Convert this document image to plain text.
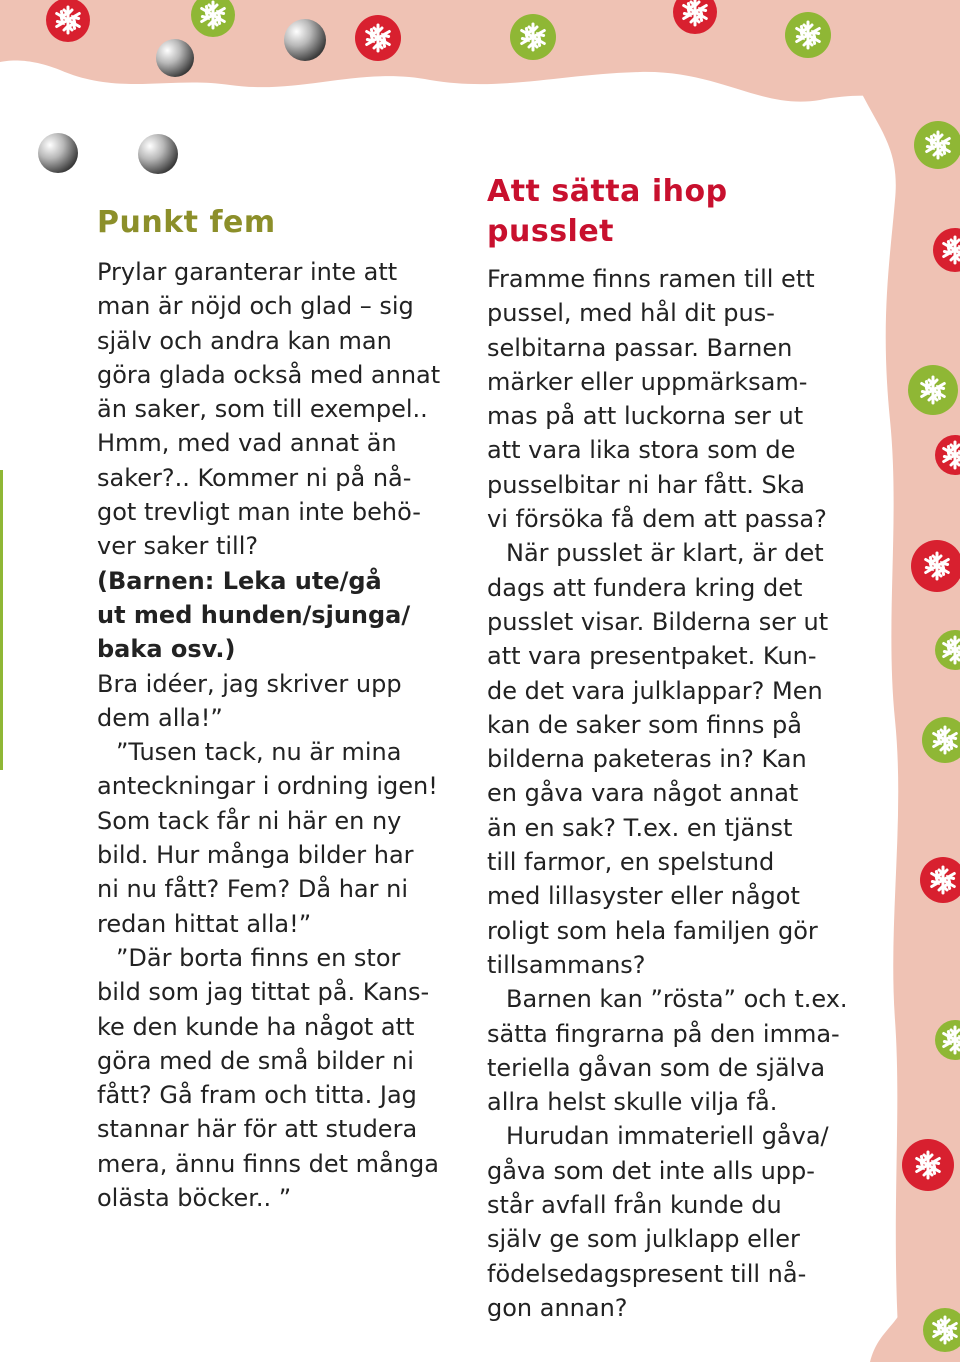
Punkt fem
Prylar garanterar inte att
man är nöjd och glad – sig
själv och andra kan man
göra glada också med annat
än saker, som till exempel..
Hmm, med vad annat än
saker?.. Kommer ni på nå-
got trevligt man inte behö-
ver saker till?
(Barnen: Leka ute/gå
ut med hunden/sjunga/
baka osv.)
Bra idéer, jag skriver upp
dem alla!”
”Tusen tack, nu är mina
anteckningar i ordning igen!
Som tack får ni här en ny
bild. Hur många bilder har
ni nu fått? Fem? Då har ni
redan hittat alla!”
”Där borta finns en stor
bild som jag tittat på. Kans-
ke den kunde ha något att
göra med de små bilder ni
fått? Gå fram och titta. Jag
stannar här för att studera
mera, ännu finns det många
olästa böcker.. ”
Att sätta ihop pusslet
Framme finns ramen till ett
pussel, med hål dit pus-
selbitarna passar. Barnen
märker eller uppmärksam-
mas på att luckorna ser ut
att vara lika stora som de
pusselbitar ni har fått. Ska
vi försöka få dem att passa?
När pusslet är klart, är det
dags att fundera kring det
pusslet visar. Bilderna ser ut
att vara presentpaket. Kun-
de det vara julklappar? Men
kan de saker som finns på
bilderna paketeras in? Kan
en gåva vara något annat
än en sak? T.ex. en tjänst
till farmor, en spelstund
med lillasyster eller något
roligt som hela familjen gör
tillsammans?
Barnen kan ”rösta” och t.ex.
sätta fingrarna på den imma-
teriella gåvan som de själva
allra helst skulle vilja få.
Hurudan immateriell gåva/
gåva som det inte alls upp-
står avfall från kunde du
själv ge som julklapp eller
födelsedagspresent till nå-
gon annan?
